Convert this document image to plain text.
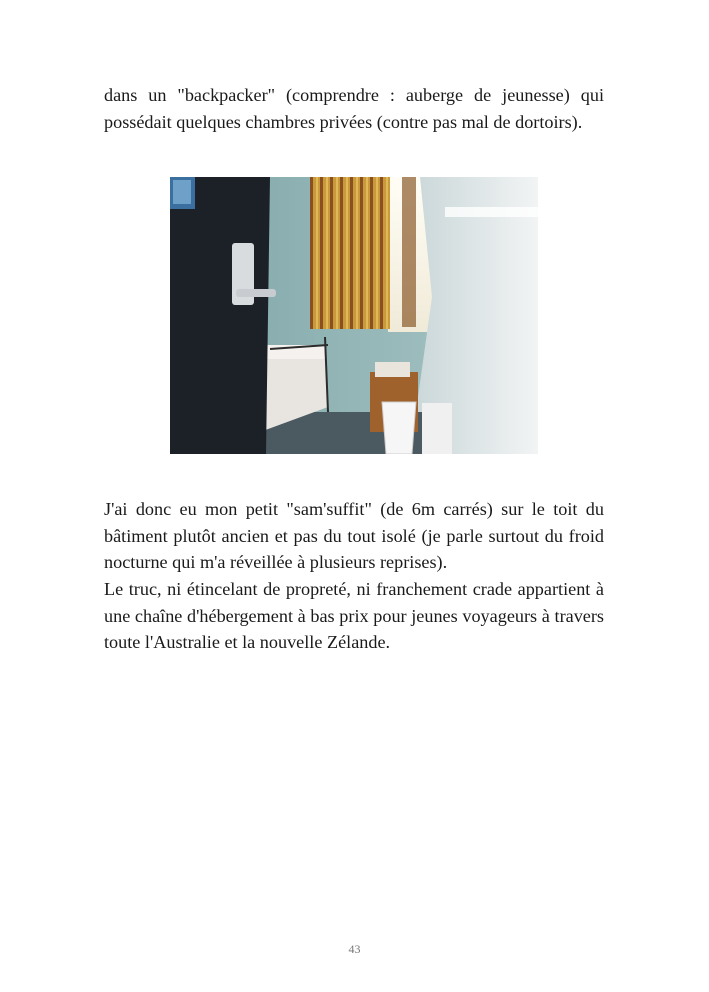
dans un "backpacker" (comprendre : auberge de jeunesse) qui possédait quelques chambres privées (contre pas mal de dortoirs).

J'ai donc eu mon petit "sam'suffit" (de 6m carrés) sur le toit du bâtiment plutôt ancien et pas du tout isolé (je parle surtout du froid nocturne qui m'a réveillée à plusieurs reprises).

Le truc, ni étincelant de propreté, ni franchement crade appartient à une chaîne d'hébergement à bas prix pour jeunes voyageurs à travers toute l'Australie et la nouvelle Zélande.

43
